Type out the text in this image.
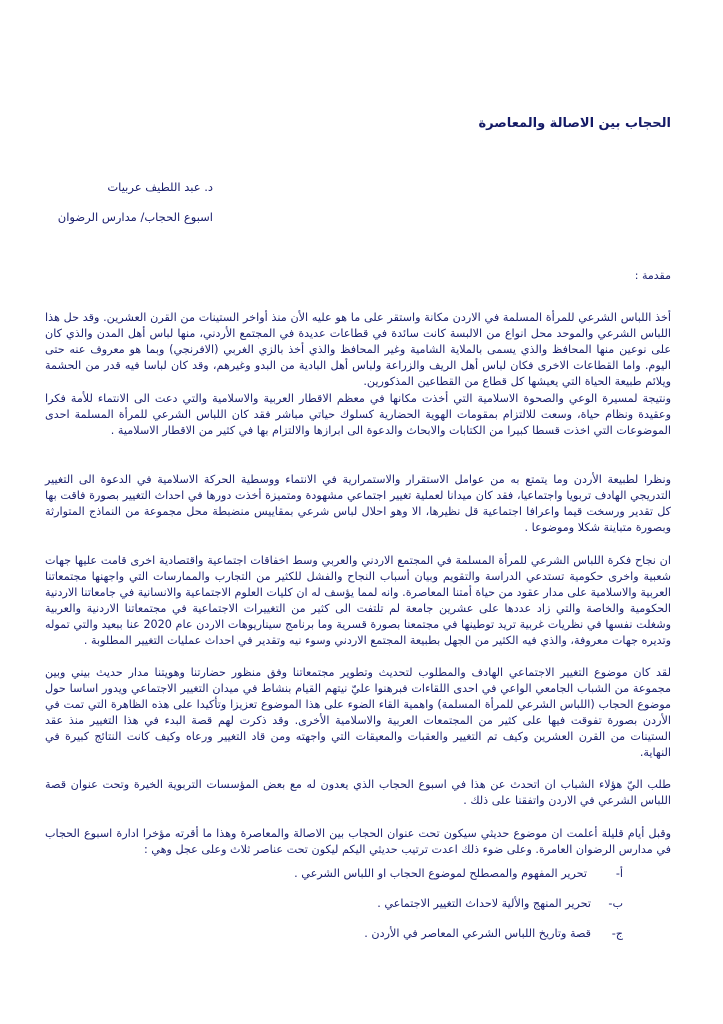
الحجاب بين الاصالة والمعاصرة
د. عبد اللطيف عربيات
اسبوع الحجاب/ مدارس الرضوان
مقدمة :

أخذ اللباس الشرعي للمرأة المسلمة في الاردن مكانة واستقر على ما هو عليه الأن منذ أواخر الستينات من القرن العشرين. وقد حل هذا اللباس الشرعي والموحد محل انواع من الالبسة كانت سائدة في قطاعات عديدة في المجتمع الأردني، منها لباس أهل المدن والذي كان على نوعين منها المحافظ والذي يسمى بالملاية الشامية وغير المحافظ والذي أخذ بالزي الغربي (الافرنجي) وبما هو معروف عنه حتى اليوم. واما القطاعات الاخرى فكان لباس أهل الريف والزراعة ولباس أهل البادية من البدو وغيرهم، وقد كان لباسا فيه قدر من الحشمة ويلائم طبيعة الحياة التي يعيشها كل قطاع من القطاعين المذكورين.

ونتيجة لمسيرة الوعي والصحوة الاسلامية التي أخذت مكانها في معظم الاقطار العربية والاسلامية والتي دعت الى الانتماء للأمة فكرا وعقيدة ونظام حياة، وسعت للالتزام بمقومات الهوية الحضارية كسلوك حياتي مباشر فقد كان اللباس الشرعي للمرأة المسلمة احدى الموضوعات التي اخذت قسطا كبيرا من الكتابات والابحاث والدعوة الى ابرازها والالتزام بها في كثير من الاقطار الاسلامية .

ونظرا لطبيعة الأردن وما يتمتع به من عوامل الاستقرار والاستمرارية في الانتماء ووسطية الحركة الاسلامية في الدعوة الى التغيير التدريجي الهادف تربويا واجتماعيا، فقد كان ميدانا لعملية تغيير اجتماعي مشهودة ومتميزة أخذت دورها في احداث التغيير بصورة فاقت بها كل تقدير ورسخت قيما واعرافا اجتماعية قل نظيرها، الا وهو احلال لباس شرعي بمقاييس منضبطة محل مجموعة من النماذج المتوارثة وبصورة متباينة شكلا وموضوعا .

ان نجاح فكرة اللباس الشرعي للمرأة المسلمة في المجتمع الاردني والعربي وسط اخفاقات اجتماعية واقتصادية اخرى قامت عليها جهات شعبية واخرى حكومية تستدعي الدراسة والتقويم وبيان أسباب النجاح والفشل للكثير من التجارب والممارسات التي واجهنها مجتمعاتنا العربية والاسلامية على مدار عقود من حياة أمتنا المعاصرة. وانه لمما يؤسف له ان كليات العلوم الاجتماعية والانسانية في جامعاتنا الاردنية الحكومية والخاصة والتي زاد عددها على عشرين جامعة لم تلتفت الى كثير من التغييرات الاجتماعية في مجتمعاتنا الاردنية والعربية وشغلت نفسها في نظريات غربية تريد توطينها في مجتمعنا بصورة قسرية وما برنامج سيناريوهات الاردن عام 2020 عنا ببعيد والتي تموله وتديره جهات معروفة، والذي فيه الكثير من الجهل بطبيعة المجتمع الاردني وسوء نيه وتقدير في احداث عمليات التغيير المطلوبة .

لقد كان موضوع التغيير الاجتماعي الهادف والمطلوب لتحديث وتطوير مجتمعاتنا وفق منظور حضارتنا وهويتنا مدار حديث بيني وبين مجموعة من الشباب الجامعي الواعي في احدى اللقاءات فبرهنوا عليّ نيتهم القيام بنشاط في ميدان التغيير الاجتماعي ويدور اساسا حول موضوع الحجاب (اللباس الشرعي للمرأة المسلمة) واهمية القاء الضوء على هذا الموضوع تعزيزا وتأكيدا على هذه الظاهرة التي تمت في الأردن بصورة تفوقت فيها على كثير من المجتمعات العربية والاسلامية الأخرى. وقد ذكرت لهم قصة البدء في هذا التغيير منذ عقد الستينات من القرن العشرين وكيف تم التغيير والعقبات والمعيقات التي واجهته ومن قاد التغيير ورعاه وكيف كانت النتائج كبيرة في النهاية.

طلب اليّ هؤلاء الشباب ان اتحدث عن هذا في اسبوع الحجاب الذي يعدون له مع بعض المؤسسات التربوية الخيرة وتحت عنوان قصة اللباس الشرعي في الاردن واتفقنا على ذلك .

وقبل أيام قليلة أعلمت ان موضوع حديثي سيكون تحت عنوان الحجاب بين الاصالة والمعاصرة وهذا ما أقرته مؤخرا ادارة اسبوع الحجاب في مدارس الرضوان العامرة. وعلى ضوء ذلك اعدت ترتيب حديثي اليكم ليكون تحت عناصر ثلاث وعلى عجل وهي :

أ-
تحرير المفهوم والمصطلح لموضوع الحجاب او اللباس الشرعي .
ب-
تحرير المنهج والألية لاحداث التغيير الاجتماعي .
ج-
قصة وتاريخ اللباس الشرعي المعاصر في الأردن .
